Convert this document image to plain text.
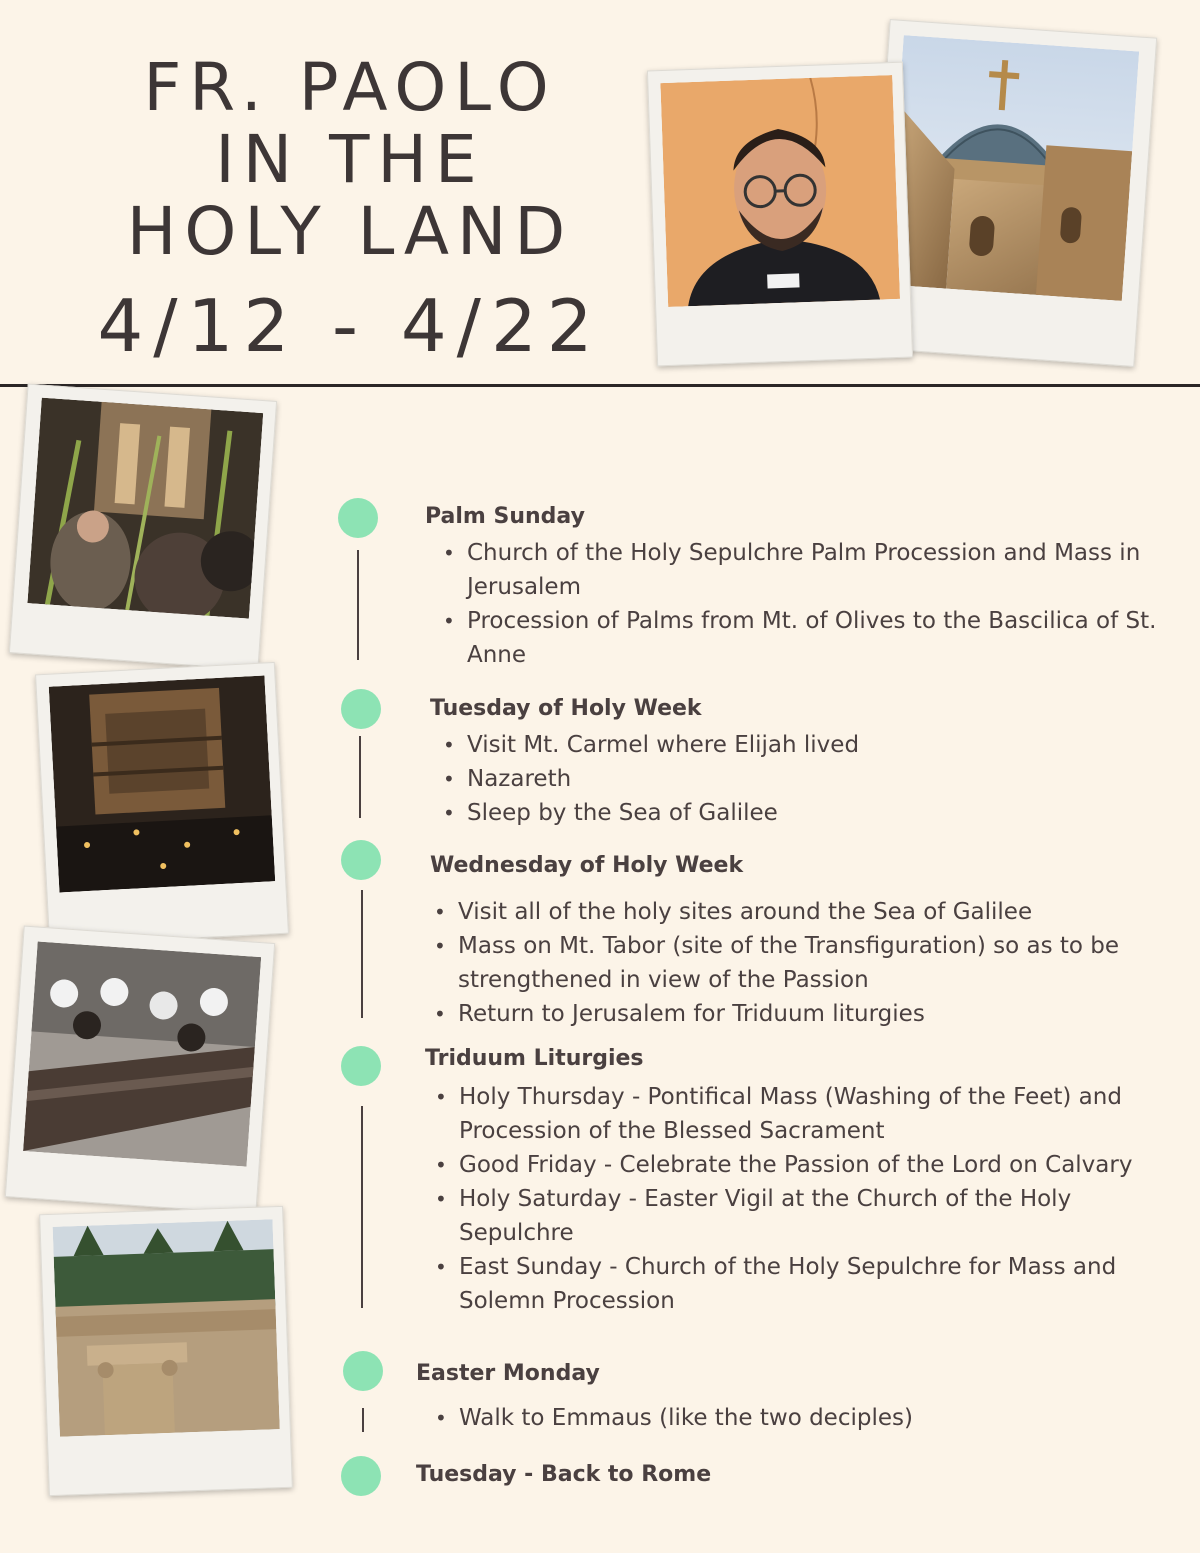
FR. PAOLO
IN THE
HOLY LAND
4/12 - 4/22
Palm Sunday
• Church of the Holy Sepulchre Palm Procession and Mass in Jerusalem
• Procession of Palms from Mt. of Olives to the Bascilica of St. Anne
Tuesday of Holy Week
• Visit Mt. Carmel where Elijah lived
• Nazareth
• Sleep by the Sea of Galilee
Wednesday of Holy Week
• Visit all of the holy sites around the Sea of Galilee
• Mass on Mt. Tabor (site of the Transfiguration) so as to be strengthened in view of the Passion
• Return to Jerusalem for Triduum liturgies
Triduum Liturgies
• Holy Thursday - Pontifical Mass (Washing of the Feet) and Procession of the Blessed Sacrament
• Good Friday - Celebrate the Passion of the Lord on Calvary
• Holy Saturday - Easter Vigil at the Church of the Holy Sepulchre
• East Sunday - Church of the Holy Sepulchre for Mass and Solemn Procession
Easter Monday
• Walk to Emmaus (like the two deciples)
Tuesday - Back to Rome
